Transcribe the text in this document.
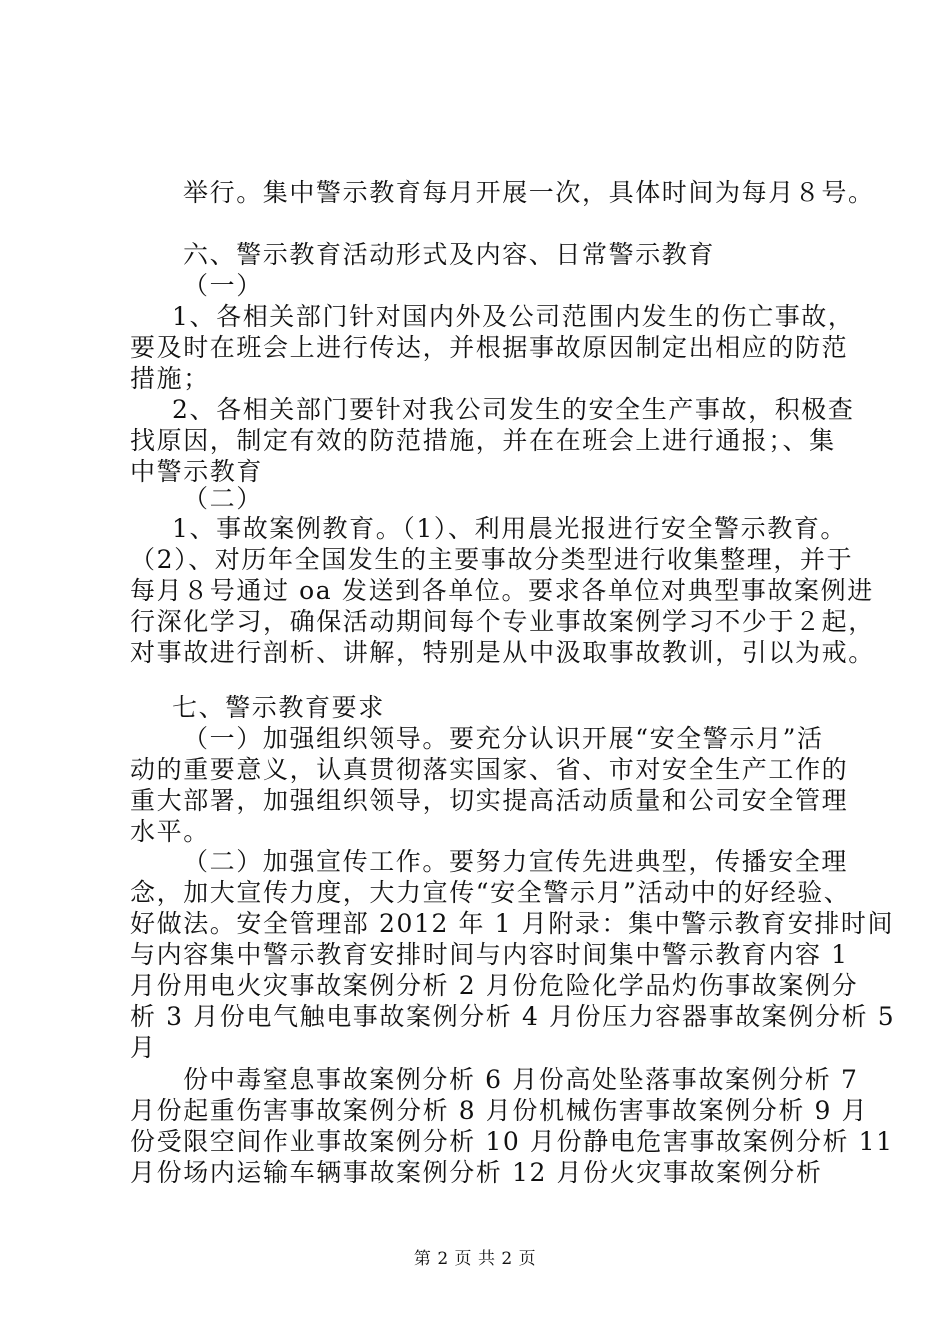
举行。集中警示教育每月开展一次，具体时间为每月８号。
六、警示教育活动形式及内容、日常警示教育
（一）
1、各相关部门针对国内外及公司范围内发生的伤亡事故，
要及时在班会上进行传达，并根据事故原因制定出相应的防范
措施；
2、各相关部门要针对我公司发生的安全生产事故，积极查
找原因，制定有效的防范措施，并在在班会上进行通报；、集
中警示教育
（二）
1、事故案例教育。（1）、利用晨光报进行安全警示教育。
（2）、对历年全国发生的主要事故分类型进行收集整理，并于
每月８号通过 oa 发送到各单位。要求各单位对典型事故案例进
行深化学习，确保活动期间每个专业事故案例学习不少于２起，
对事故进行剖析、讲解，特别是从中汲取事故教训，引以为戒。
七、警示教育要求
（一）加强组织领导。要充分认识开展“安全警示月”活
动的重要意义，认真贯彻落实国家、省、市对安全生产工作的
重大部署，加强组织领导，切实提高活动质量和公司安全管理
水平。
（二）加强宣传工作。要努力宣传先进典型，传播安全理
念，加大宣传力度，大力宣传“安全警示月”活动中的好经验、
好做法。安全管理部 2012 年 1 月附录：集中警示教育安排时间
与内容集中警示教育安排时间与内容时间集中警示教育内容 1
月份用电火灾事故案例分析 2 月份危险化学品灼伤事故案例分
析 3 月份电气触电事故案例分析 4 月份压力容器事故案例分析 5
月
份中毒窒息事故案例分析 6 月份高处坠落事故案例分析 7
月份起重伤害事故案例分析 8 月份机械伤害事故案例分析 9 月
份受限空间作业事故案例分析 10 月份静电危害事故案例分析 11
月份场内运输车辆事故案例分析 12 月份火灾事故案例分析
第 2 页 共 2 页
